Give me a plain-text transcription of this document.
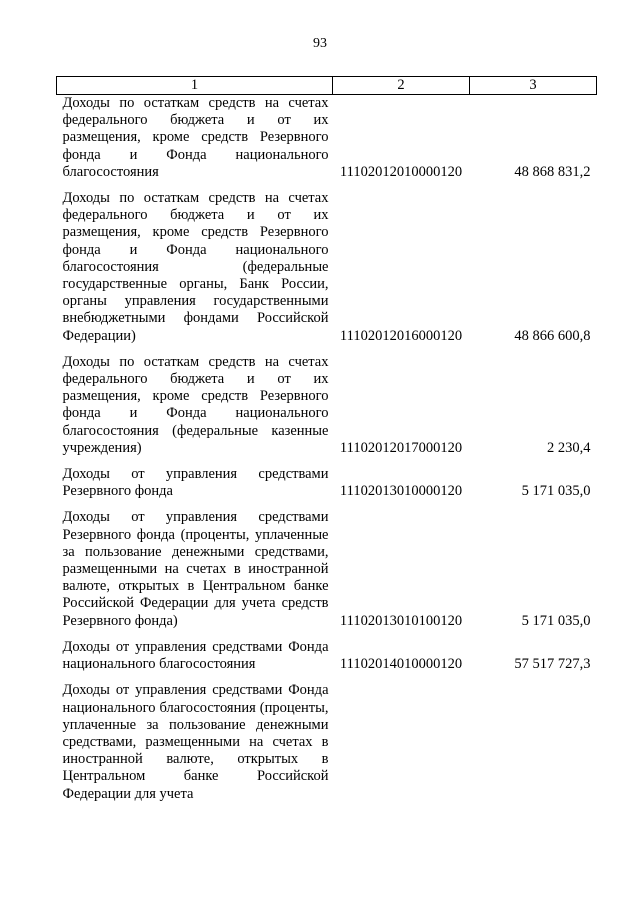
93
1	2	3
Доходы по остаткам средств на счетах федерального бюджета и от их размещения, кроме средств Резервного фонда и Фонда национального благосостояния	11102012010000120	48 868 831,2

Доходы по остаткам средств на счетах федерального бюджета и от их размещения, кроме средств Резервного фонда и Фонда национального благосостояния (федеральные государственные органы, Банк России, органы управления государственными внебюджетными фондами Российской Федерации)	11102012016000120	48 866 600,8

Доходы по остаткам средств на счетах федерального бюджета и от их размещения, кроме средств Резервного фонда и Фонда национального благосостояния (федеральные казенные учреждения)	11102012017000120	2 230,4

Доходы от управления средствами Резервного фонда	11102013010000120	5 171 035,0

Доходы от управления средствами Резервного фонда (проценты, уплаченные за пользование денежными средствами, размещенными на счетах в иностранной валюте, открытых в Центральном банке Российской Федерации для учета средств Резервного фонда)	11102013010100120	5 171 035,0

Доходы от управления средствами Фонда национального благосостояния	11102014010000120	57 517 727,3

Доходы от управления средствами Фонда национального благосостояния (проценты, уплаченные за пользование денежными средствами, размещенными на счетах в иностранной валюте, открытых в Центральном банке Российской Федерации для учета		
